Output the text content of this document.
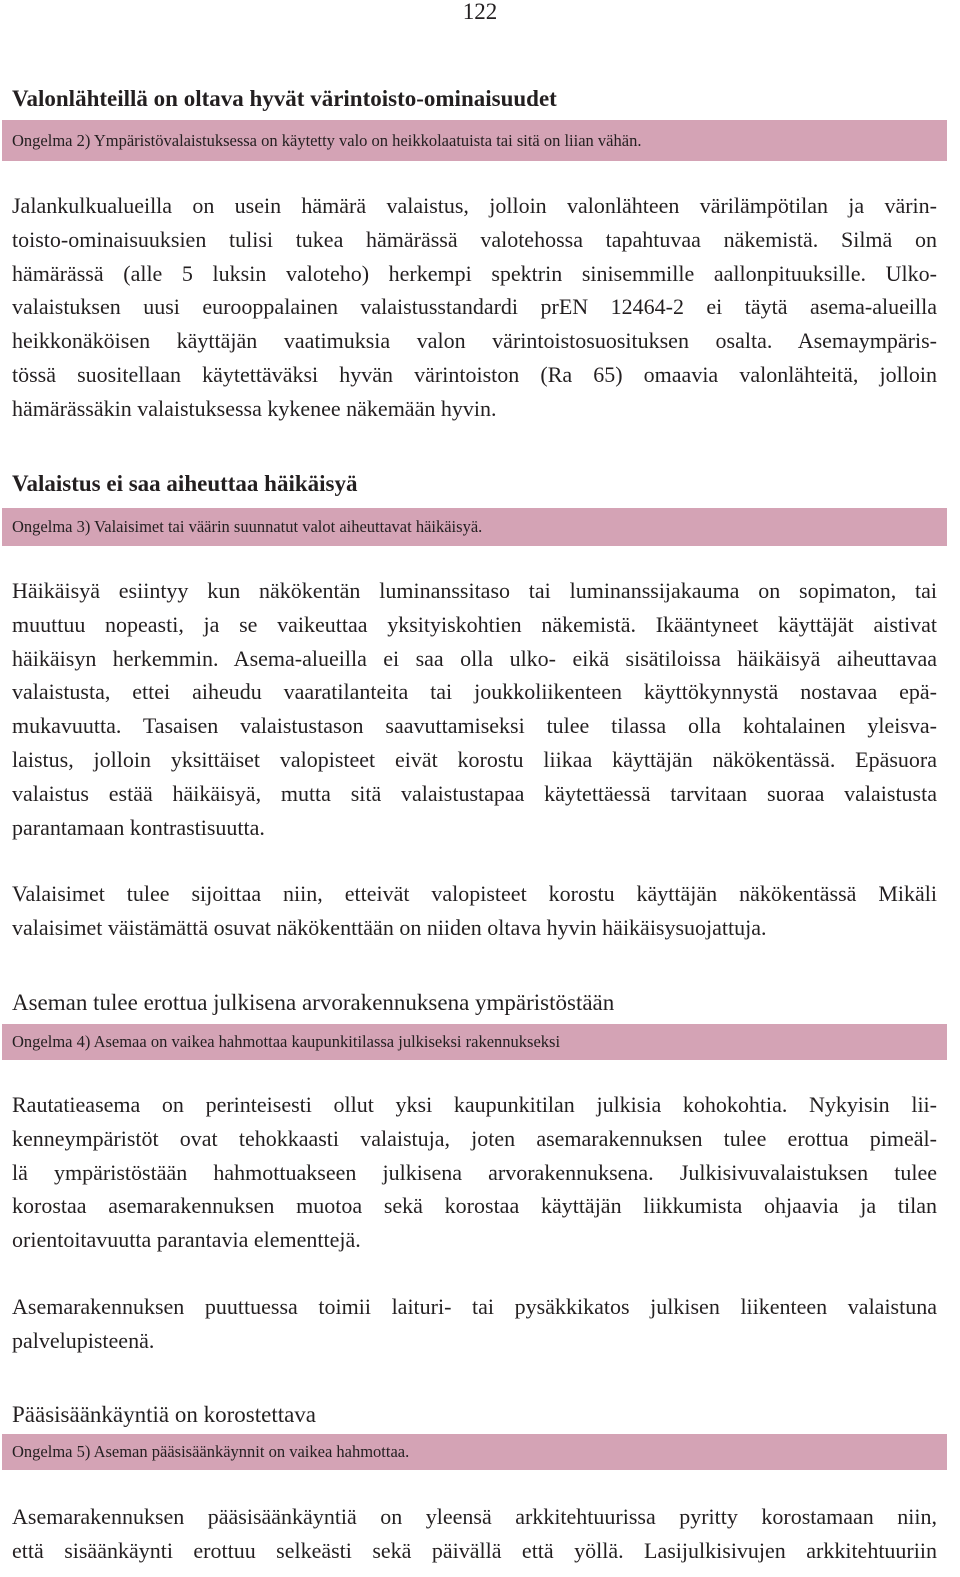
122
Valonlähteillä on oltava hyvät värintoisto-ominaisuudet
Ongelma 2) Ympäristövalaistuksessa on käytetty valo on heikkolaatuista tai sitä on liian vähän.
Jalankulkualueilla on usein hämärä valaistus, jolloin valonlähteen värilämpötilan ja värin-
toisto-ominaisuuksien tulisi tukea hämärässä valotehossa tapahtuvaa näkemistä. Silmä on
hämärässä (alle 5 luksin valoteho) herkempi spektrin sinisemmille aallonpituuksille. Ulko-
valaistuksen uusi eurooppalainen valaistusstandardi prEN 12464-2 ei täytä asema-alueilla
heikkonäköisen käyttäjän vaatimuksia valon värintoistosuosituksen osalta. Asemaympäris-
tössä suositellaan käytettäväksi hyvän värintoiston (Ra 65) omaavia valonlähteitä, jolloin
hämärässäkin valaistuksessa kykenee näkemään hyvin.
Valaistus ei saa aiheuttaa häikäisyä
Ongelma 3) Valaisimet tai väärin suunnatut valot aiheuttavat häikäisyä.
Häikäisyä esiintyy kun näkökentän luminanssitaso tai luminanssijakauma on sopimaton, tai
muuttuu nopeasti, ja se vaikeuttaa yksityiskohtien näkemistä. Ikääntyneet käyttäjät aistivat
häikäisyn herkemmin. Asema-alueilla ei saa olla ulko- eikä sisätiloissa häikäisyä aiheuttavaa
valaistusta, ettei aiheudu vaaratilanteita tai joukkoliikenteen käyttökynnystä nostavaa epä-
mukavuutta. Tasaisen valaistustason saavuttamiseksi tulee tilassa olla kohtalainen yleisva-
laistus, jolloin yksittäiset valopisteet eivät korostu liikaa käyttäjän näkökentässä. Epäsuora
valaistus estää häikäisyä, mutta sitä valaistustapaa käytettäessä tarvitaan suoraa valaistusta
parantamaan kontrastisuutta.
Valaisimet tulee sijoittaa niin, etteivät valopisteet korostu käyttäjän näkökentässä Mikäli
valaisimet väistämättä osuvat näkökenttään on niiden oltava hyvin häikäisysuojattuja.
Aseman tulee erottua julkisena arvorakennuksena ympäristöstään
Ongelma 4) Asemaa on vaikea hahmottaa kaupunkitilassa julkiseksi rakennukseksi
Rautatieasema on perinteisesti ollut yksi kaupunkitilan julkisia kohokohtia. Nykyisin lii-
kenneympäristöt ovat tehokkaasti valaistuja, joten asemarakennuksen tulee erottua pimeäl-
lä ympäristöstään hahmottuakseen julkisena arvorakennuksena. Julkisivuvalaistuksen tulee
korostaa asemarakennuksen muotoa sekä korostaa käyttäjän liikkumista ohjaavia ja tilan
orientoitavuutta parantavia elementtejä.
Asemarakennuksen puuttuessa toimii laituri- tai pysäkkikatos julkisen liikenteen valaistuna
palvelupisteenä.
Pääsisäänkäyntiä on korostettava
Ongelma 5) Aseman pääsisäänkäynnit on vaikea hahmottaa.
Asemarakennuksen pääsisäänkäyntiä on yleensä arkkitehtuurissa pyritty korostamaan niin,
että sisäänkäynti erottuu selkeästi sekä päivällä että yöllä. Lasijulkisivujen arkkitehtuuriin
